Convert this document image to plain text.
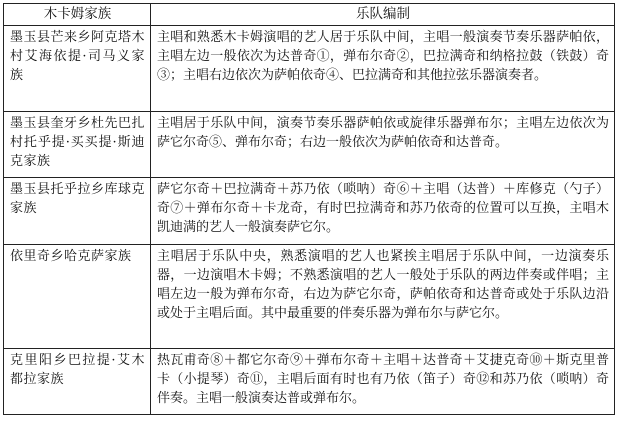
木卡姆家族	乐队编制
墨玉县芒来乡阿克塔木村艾海依提·司马义家族	主唱和熟悉木卡姆演唱的艺人居于乐队中间，主唱一般演奏节奏乐器萨帕依，主唱左边一般依次为达普奇①，弹布尔奇②，巴拉满奇和纳格拉鼓（铁鼓）奇③；主唱右边依次为萨帕依奇④、巴拉满奇和其他拉弦乐器演奏者。
墨玉县奎牙乡杜先巴扎村托乎提·买买提·斯迪克家族	主唱居于乐队中间，演奏节奏乐器萨帕依或旋律乐器弹布尔；主唱左边依次为萨它尔奇⑤、弹布尔奇；右边一般依次为萨帕依奇和达普奇。
墨玉县托乎拉乡库球克家族	萨它尔奇＋巴拉满奇＋苏乃依（唢呐）奇⑥＋主唱（达普）＋库修克（勺子）奇⑦＋弹布尔奇＋卡龙奇，有时巴拉满奇和苏乃依奇的位置可以互换，主唱木凯迪满的艺人一般演奏萨它尔。
依里奇乡哈克萨家族	主唱居于乐队中央，熟悉演唱的艺人也紧挨主唱居于乐队中间，一边演奏乐器，一边演唱木卡姆；不熟悉演唱的艺人一般处于乐队的两边伴奏或伴唱；主唱左边一般为弹布尔奇，右边为萨它尔奇，萨帕依奇和达普奇或处于乐队边沿或处于主唱后面。其中最重要的伴奏乐器为弹布尔与萨它尔。
克里阳乡巴拉提·艾木都拉家族	热瓦甫奇⑧＋都它尔奇⑨＋弹布尔奇＋主唱＋达普奇＋艾捷克奇⑩＋斯克里普卡（小提琴）奇⑪，主唱后面有时也有乃依（笛子）奇⑫和苏乃依（唢呐）奇伴奏。主唱一般演奏达普或弹布尔。
